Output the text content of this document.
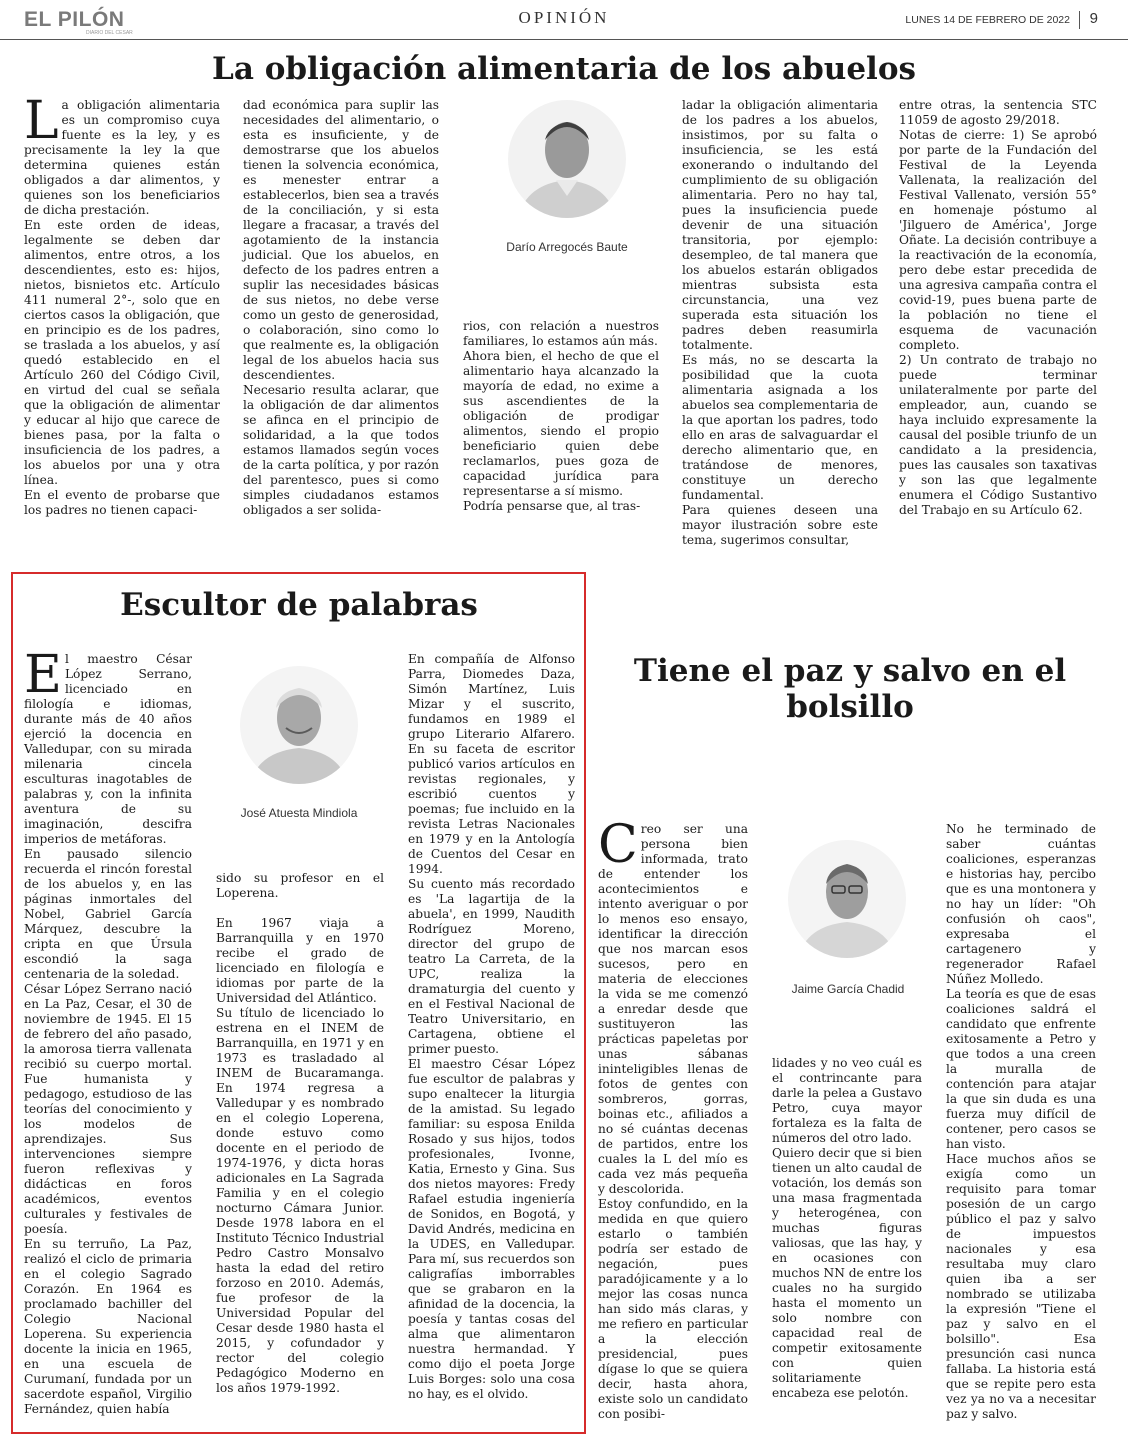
EL PILÓN
DIARIO DEL CESAR
OPINIÓN	LUNES 14 DE FEBRERO DE 2022 9
La obligación alimentaria de los abuelos
L a obligación alimentaria es un compromiso cuya fuente es la ley, y es precisamente la ley la que determina quienes están obligados a dar alimentos, y quienes son los beneficiarios de dicha prestación.

En este orden de ideas, legalmente se deben dar alimentos, entre otros, a los descendientes, esto es: hijos, nietos, bisnietos etc. Artículo 411 numeral 2°-, solo que en ciertos casos la obligación, que en principio es de los padres, se traslada a los abuelos, y así quedó establecido en el Artículo 260 del Código Civil, en virtud del cual se señala que la obligación de alimentar y educar al hijo que carece de bienes pasa, por la falta o insuficiencia de los padres, a los abuelos por una y otra línea.

En el evento de probarse que los padres no tienen capaci-

dad económica para suplir las necesidades del alimentario, o esta es insuficiente, y de demostrarse que los abuelos tienen la solvencia económica, es menester entrar a establecerlos, bien sea a través de la conciliación, y si esta llegare a fracasar, a través del agotamiento de la instancia judicial. Que los abuelos, en defecto de los padres entren a suplir las necesidades básicas de sus nietos, no debe verse como un gesto de generosidad, o colaboración, sino como lo que realmente es, la obligación legal de los abuelos hacia sus descendientes.

Necesario resulta aclarar, que la obligación de dar alimentos se afinca en el principio de solidaridad, a la que todos estamos llamados según voces de la carta política, y por razón del parentesco, pues si como simples ciudadanos estamos obligados a ser solida-

Darío Arregocés Baute

rios, con relación a nuestros familiares, lo estamos aún más.

Ahora bien, el hecho de que el alimentario haya alcanzado la mayoría de edad, no exime a sus ascendientes de la obligación de prodigar alimentos, siendo el propio beneficiario quien debe reclamarlos, pues goza de capacidad jurídica para representarse a sí mismo.

Podría pensarse que, al tras-

ladar la obligación alimentaria de los padres a los abuelos, insistimos, por su falta o insuficiencia, se les está exonerando o indultando del cumplimiento de su obligación alimentaria. Pero no hay tal, pues la insuficiencia puede devenir de una situación transitoria, por ejemplo: desempleo, de tal manera que los abuelos estarán obligados mientras subsista esta circunstancia, una vez superada esta situación los padres deben reasumirla totalmente.

Es más, no se descarta la posibilidad que la cuota alimentaria asignada a los abuelos sea complementaria de la que aportan los padres, todo ello en aras de salvaguardar el derecho alimentario que, en tratándose de menores, constituye un derecho fundamental.

Para quienes deseen una mayor ilustración sobre este tema, sugerimos consultar,

entre otras, la sentencia STC 11059 de agosto 29/2018.

Notas de cierre: 1) Se aprobó por parte de la Fundación del Festival de la Leyenda Vallenata, la realización del Festival Vallenato, versión 55° en homenaje póstumo al 'Jilguero de América', Jorge Oñate. La decisión contribuye a la reactivación de la economía, pero debe estar precedida de una agresiva campaña contra el covid-19, pues buena parte de la población no tiene el esquema de vacunación completo.

2) Un contrato de trabajo no puede terminar unilateralmente por parte del empleador, aun, cuando se haya incluido expresamente la causal del posible triunfo de un candidato a la presidencia, pues las causales son taxativas y son las que legalmente enumera el Código Sustantivo del Trabajo en su Artículo 62.

Escultor de palabras
E l maestro César López Serrano, licenciado en filología e idiomas, durante más de 40 años ejerció la docencia en Valledupar, con su mirada milenaria cincela esculturas inagotables de palabras y, con la infinita aventura de su imaginación, descifra imperios de metáforas.

En pausado silencio recuerda el rincón forestal de los abuelos y, en las páginas inmortales del Nobel, Gabriel García Márquez, descubre la cripta en que Úrsula escondió la saga centenaria de la soledad.

César López Serrano nació en La Paz, Cesar, el 30 de noviembre de 1945. El 15 de febrero del año pasado, la amorosa tierra vallenata recibió su cuerpo mortal. Fue humanista y pedagogo, estudioso de las teorías del conocimiento y los modelos de aprendizajes. Sus intervenciones siempre fueron reflexivas y didácticas en foros académicos, eventos culturales y festivales de poesía.

En su terruño, La Paz, realizó el ciclo de primaria en el colegio Sagrado Corazón. En 1964 es proclamado bachiller del Colegio Nacional Loperena. Su experiencia docente la inicia en 1965, en una escuela de Curumaní, fundada por un sacerdote español, Virgilio Fernández, quien había

José Atuesta Mindiola

sido su profesor en el Loperena.

En 1967 viaja a Barranquilla y en 1970 recibe el grado de licenciado en filología e idiomas por parte de la Universidad del Atlántico.

Su título de licenciado lo estrena en el INEM de Barranquilla, en 1971 y en 1973 es trasladado al INEM de Bucaramanga. En 1974 regresa a Valledupar y es nombrado en el colegio Loperena, donde estuvo como docente en el periodo de 1974-1976, y dicta horas adicionales en La Sagrada Familia y en el colegio nocturno Cámara Junior. Desde 1978 labora en el Instituto Técnico Industrial Pedro Castro Monsalvo hasta la edad del retiro forzoso en 2010. Además, fue profesor de la Universidad Popular del Cesar desde 1980 hasta el 2015, y cofundador y rector del colegio Pedagógico Moderno en los años 1979-1992.

En compañía de Alfonso Parra, Diomedes Daza, Simón Martínez, Luis Mizar y el suscrito, fundamos en 1989 el grupo Literario Alfarero. En su faceta de escritor publicó varios artículos en revistas regionales, y escribió cuentos y poemas; fue incluido en la revista Letras Nacionales en 1979 y en la Antología de Cuentos del Cesar en 1994.

Su cuento más recordado es 'La lagartija de la abuela', en 1999, Naudith Rodríguez Moreno, director del grupo de teatro La Carreta, de la UPC, realiza la dramaturgia del cuento y en el Festival Nacional de Teatro Universitario, en Cartagena, obtiene el primer puesto.

El maestro César López fue escultor de palabras y supo enaltecer la liturgia de la amistad. Su legado familiar: su esposa Enilda Rosado y sus hijos, todos profesionales, Ivonne, Katia, Ernesto y Gina. Sus dos nietos mayores: Fredy Rafael estudia ingeniería de Sonidos, en Bogotá, y David Andrés, medicina en la UDES, en Valledupar. Para mí, sus recuerdos son caligrafías imborrables que se grabaron en la afinidad de la docencia, la poesía y tantas cosas del alma que alimentaron nuestra hermandad. Y como dijo el poeta Jorge Luis Borges: solo una cosa no hay, es el olvido.

Tiene el paz y salvo en el bolsillo
C reo ser una persona bien informada, trato de entender los acontecimientos e intento averiguar o por lo menos eso ensayo, identificar la dirección que nos marcan esos sucesos, pero en materia de elecciones la vida se me comenzó a enredar desde que sustituyeron las prácticas papeletas por unas sábanas ininteligibles llenas de fotos de gentes con sombreros, gorras, boinas etc., afiliados a no sé cuántas decenas de partidos, entre los cuales la L del mío es cada vez más pequeña y descolorida.

Estoy confundido, en la medida en que quiero estarlo o también podría ser estado de negación, pues paradójicamente y a lo mejor las cosas nunca han sido más claras, y me refiero en particular a la elección presidencial, pues dígase lo que se quiera decir, hasta ahora, existe solo un candidato con posibi-

Jaime García Chadid

lidades y no veo cuál es el contrincante para darle la pelea a Gustavo Petro, cuya mayor fortaleza es la falta de números del otro lado.

Quiero decir que si bien tienen un alto caudal de votación, los demás son una masa fragmentada y heterogénea, con muchas figuras valiosas, que las hay, y en ocasiones con muchos NN de entre los cuales no ha surgido hasta el momento un solo nombre con capacidad real de competir exitosamente con quien solitariamente encabeza ese pelotón.

No he terminado de saber cuántas coaliciones, esperanzas e historias hay, percibo que es una montonera y no hay un líder: "Oh confusión oh caos", expresaba el cartagenero y regenerador Rafael Núñez Molledo.

La teoría es que de esas coaliciones saldrá el candidato que enfrente exitosamente a Petro y que todos a una creen la muralla de contención para atajar la que sin duda es una fuerza muy difícil de contener, pero casos se han visto.

Hace muchos años se exigía como un requisito para tomar posesión de un cargo público el paz y salvo de impuestos nacionales y esa resultaba muy claro quien iba a ser nombrado se utilizaba la expresión "Tiene el paz y salvo en el bolsillo". Esa presunción casi nunca fallaba. La historia está que se repite pero esta vez ya no va a necesitar paz y salvo.
